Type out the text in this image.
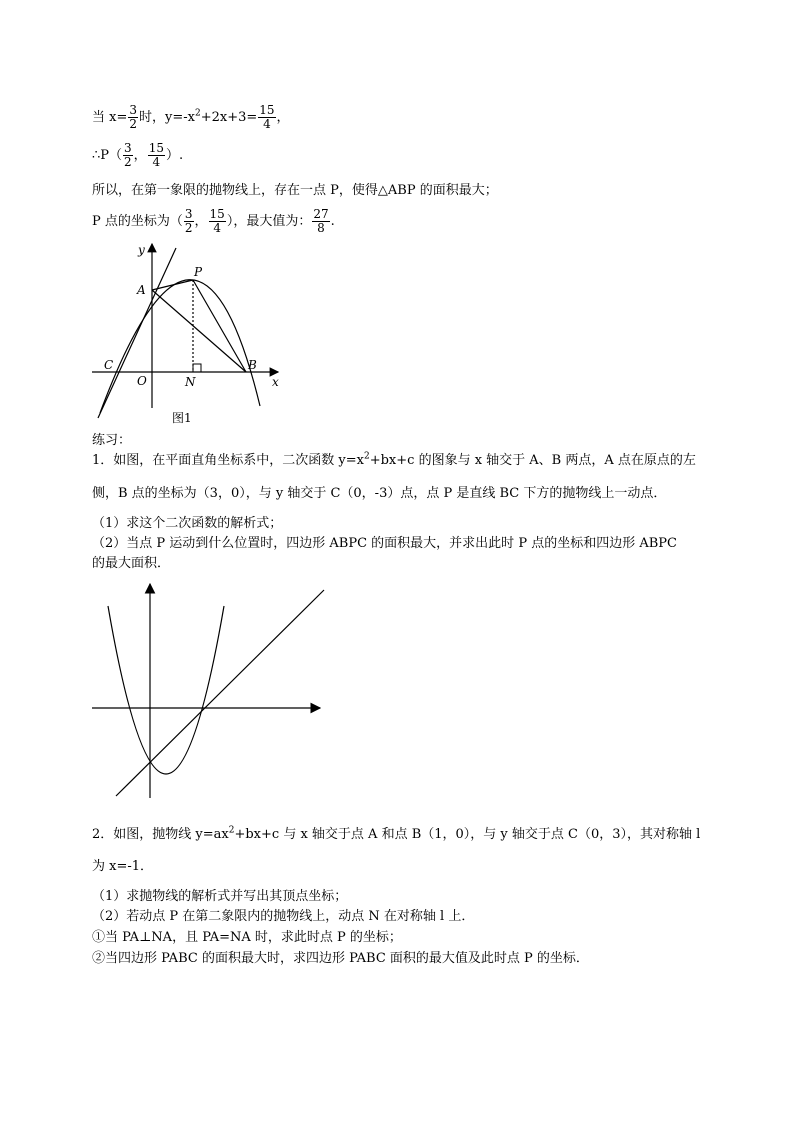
当 $x= \frac{3}{2}$ 时，$y=-x^2+2x+3= \frac{15}{4}$ ，
∴P（ $\frac{3}{2}$ ， $\frac{15}{4}$ ）.
所以，在第一象限的抛物线上，存在一点 P，使得△ABP 的面积最大；
P 点的坐标为（ $\frac{3}{2}$ ， $\frac{15}{4}$ ），最大值为： $\frac{27}{8}$ .
y
x
A
P
C
O	N
B
图1
练习：
1．如图，在平面直角坐标系中，二次函数 $y=x^2+bx+c$ 的图象与 x 轴交于 A、B 两点，A 点在原点的左
侧，B 点的坐标为（3，0），与 y 轴交于 C（0，-3）点，点 P 是直线 BC 下方的抛物线上一动点．
（1）求这个二次函数的解析式；
（2）当点 P 运动到什么位置时，四边形 ABPC 的面积最大，并求出此时 P 点的坐标和四边形 ABPC
的最大面积．
2．如图，抛物线 $y=ax^2+bx+c$ 与 x 轴交于点 A 和点 B（1，0），与 y 轴交于点 C（0，3），其对称轴 l
为 x=-1．
（1）求抛物线的解析式并写出其顶点坐标；
（2）若动点 P 在第二象限内的抛物线上，动点 N 在对称轴 l 上．
①当 PA⊥NA，且 PA=NA 时，求此时点 P 的坐标；
②当四边形 PABC 的面积最大时，求四边形 PABC 面积的最大值及此时点 P 的坐标．
